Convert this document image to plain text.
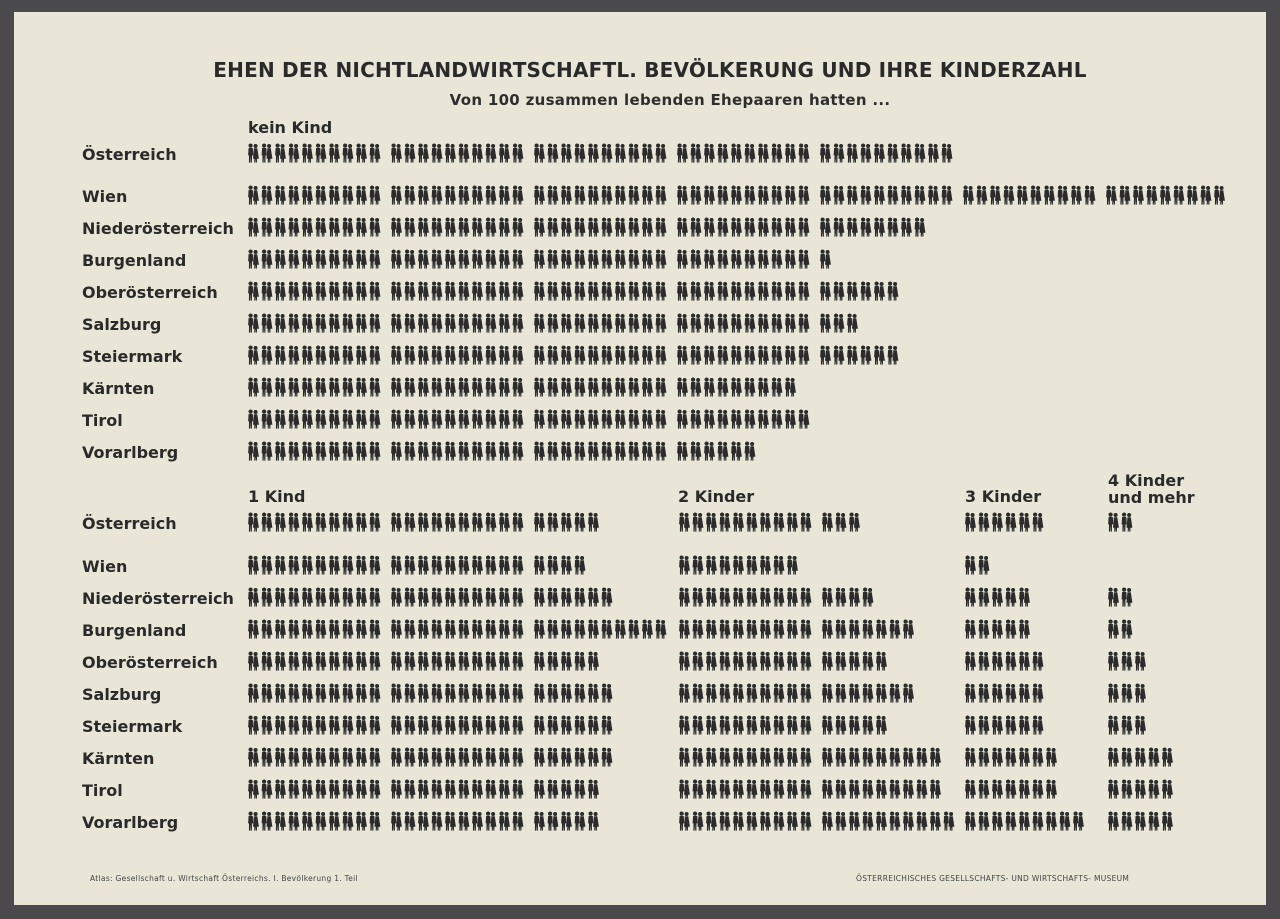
EHEN DER NICHTLANDWIRTSCHAFTL. BEVÖLKERUNG UND IHRE KINDERZAHL
Von 100 zusammen lebenden Ehepaaren hatten ...
kein Kind
1 Kind	2 Kinder	3 Kinder
4 Kinder
und mehr
Österreich
Wien
Niederösterreich
Burgenland
Oberösterreich
Salzburg
Steiermark
Kärnten
Tirol
Vorarlberg
Österreich
Wien
Niederösterreich
Burgenland
Oberösterreich
Salzburg
Steiermark
Kärnten
Tirol
Vorarlberg
Atlas: Gesellschaft u. Wirtschaft Österreichs. I. Bevölkerung 1. Teil	ÖSTERREICHISCHES GESELLSCHAFTS- UND WIRTSCHAFTS- MUSEUM
